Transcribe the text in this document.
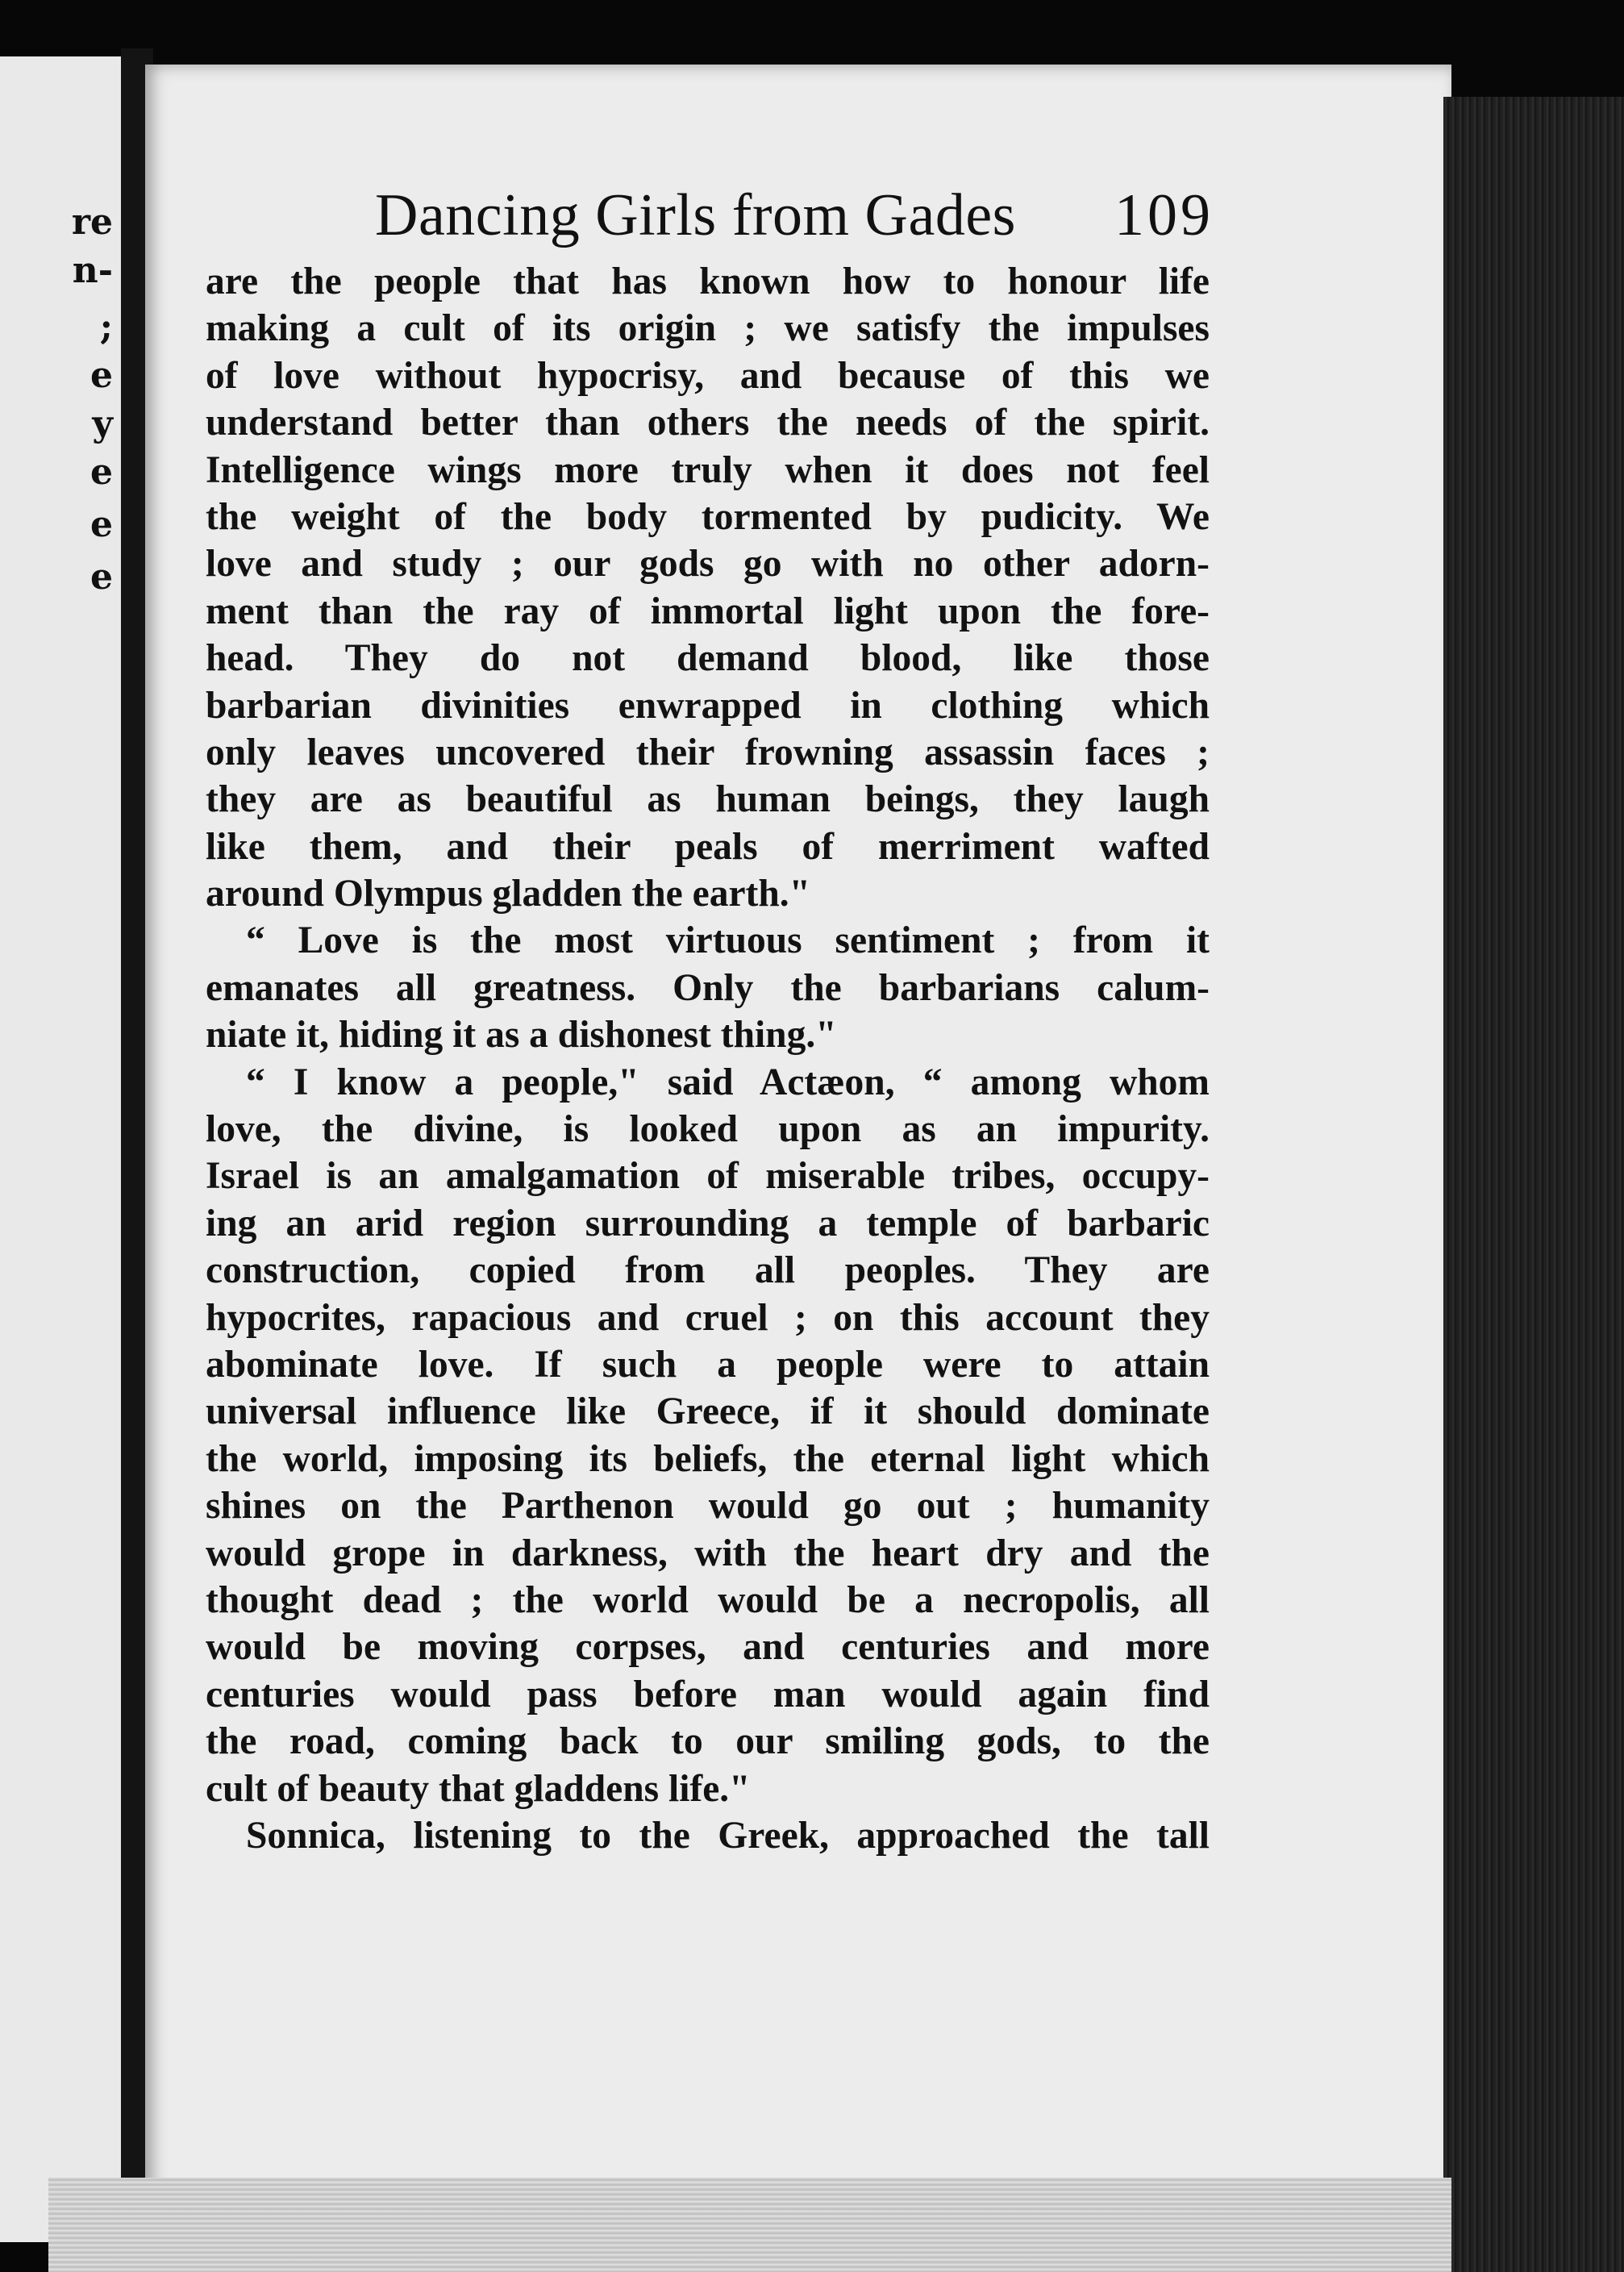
re
n-
;
e
y
e
e
e
Dancing Girls from Gades 109
are the people that has known how to honour life
making a cult of its origin ; we satisfy the impulses
of love without hypocrisy, and because of this we
understand better than others the needs of the spirit.
Intelligence wings more truly when it does not feel
the weight of the body tormented by pudicity. We
love and study ; our gods go with no other adorn-
ment than the ray of immortal light upon the fore-
head. They do not demand blood, like those
barbarian divinities enwrapped in clothing which
only leaves uncovered their frowning assassin faces ;
they are as beautiful as human beings, they laugh
like them, and their peals of merriment wafted
around Olympus gladden the earth."
“ Love is the most virtuous sentiment ; from it
emanates all greatness. Only the barbarians calum-
niate it, hiding it as a dishonest thing."
“ I know a people," said Actæon, “ among whom
love, the divine, is looked upon as an impurity.
Israel is an amalgamation of miserable tribes, occupy-
ing an arid region surrounding a temple of barbaric
construction, copied from all peoples. They are
hypocrites, rapacious and cruel ; on this account they
abominate love. If such a people were to attain
universal influence like Greece, if it should dominate
the world, imposing its beliefs, the eternal light which
shines on the Parthenon would go out ; humanity
would grope in darkness, with the heart dry and the
thought dead ; the world would be a necropolis, all
would be moving corpses, and centuries and more
centuries would pass before man would again find
the road, coming back to our smiling gods, to the
cult of beauty that gladdens life."
Sonnica, listening to the Greek, approached the tall
